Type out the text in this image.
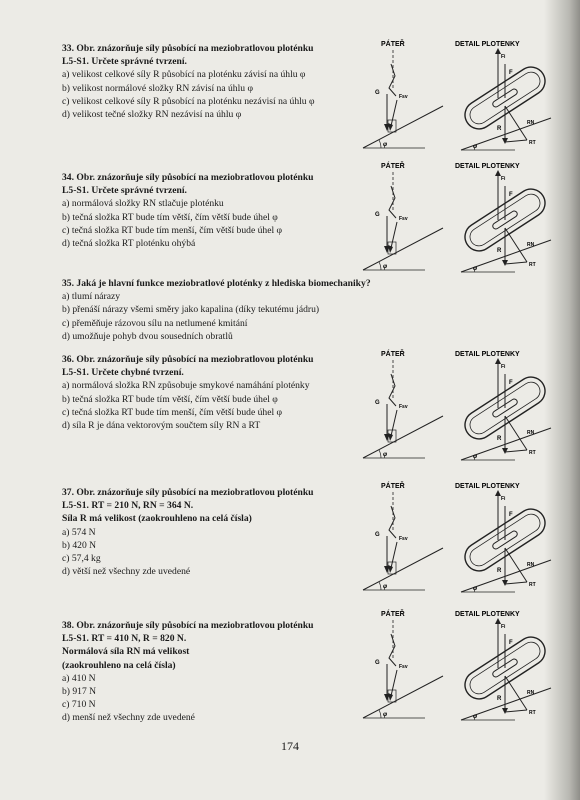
33. Obr. znázorňuje síly působící na meziobratlovou ploténku
L5-S1. Určete správné tvrzení.
a) velikost celkové síly R působící na ploténku závisí na úhlu φ
b) velikost normálové složky RN závisí na úhlu φ
c) velikost celkové síly R působící na ploténku nezávisí na úhlu φ
d) velikost tečné složky RN nezávisí na úhlu φ
PÁTEŘ
G
Fsv
φ
DETAIL PLOTENKY
Fi
F
R
RN
RT
φ
34. Obr. znázorňuje síly působící na meziobratlovou ploténku
L5-S1. Určete správné tvrzení.
a) normálová složky RN stlačuje ploténku
b) tečná složka RT bude tím větší, čím větší bude úhel φ
c) tečná složka RT bude tím menší, čím větší bude úhel φ
d) tečná složka RT ploténku ohýbá
PÁTEŘ
G
Fsv
φ
DETAIL PLOTENKY
Fi
F
R
RN
RT
φ
35. Jaká je hlavní funkce meziobratlové ploténky z hlediska biomechaniky?
a) tlumí nárazy
b) přenáší nárazy všemi směry jako kapalina (díky tekutému jádru)
c) přeměňuje rázovou sílu na netlumené kmitání
d) umožňuje pohyb dvou sousedních obratlů
36. Obr. znázorňuje síly působící na meziobratlovou ploténku
L5-S1. Určete chybné tvrzení.
a) normálová složka RN způsobuje smykové namáhání ploténky
b) tečná složka RT bude tím větší, čím větší bude úhel φ
c) tečná složka RT bude tím menší, čím větší bude úhel φ
d) síla R je dána vektorovým součtem síly RN a RT
PÁTEŘ
G
Fsv
φ
DETAIL PLOTENKY
Fi
F
R
RN
RT
φ
37. Obr. znázorňuje síly působící na meziobratlovou ploténku
L5-S1. RT = 210 N, RN = 364 N.
Síla R má velikost (zaokrouhleno na celá čísla)
a) 574 N
b) 420 N
c) 57,4 kg
d) větší než všechny zde uvedené
PÁTEŘ
G
Fsv
φ
DETAIL PLOTENKY
Fi
F
R
RN
RT
φ
38. Obr. znázorňuje síly působící na meziobratlovou ploténku
L5-S1. RT = 410 N, R = 820 N.
Normálová síla RN má velikost
(zaokrouhleno na celá čísla)
a) 410 N
b) 917 N
c) 710 N
d) menší než všechny zde uvedené
PÁTEŘ
G
Fsv
φ
DETAIL PLOTENKY
Fi
F
R
RN
RT
φ
174
